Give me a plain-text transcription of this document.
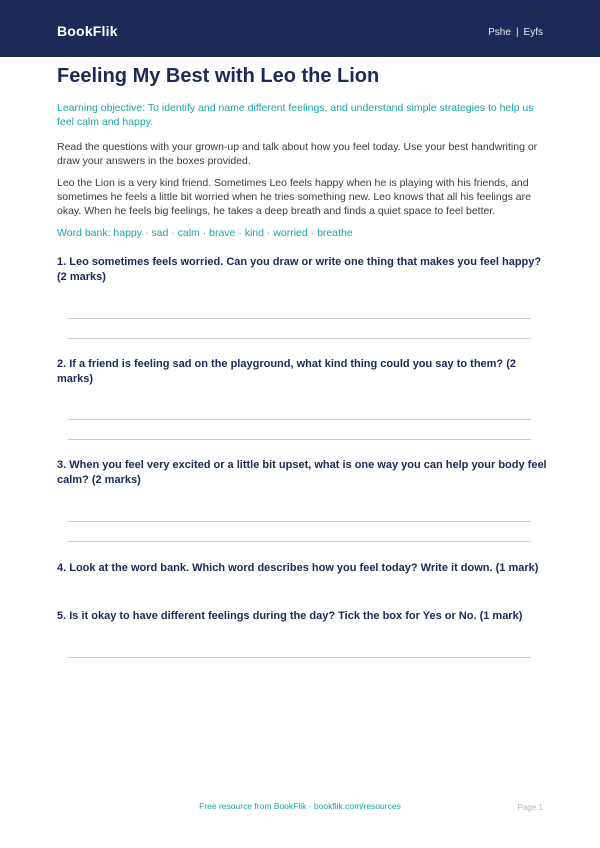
BookFlik	Pshe | Eyfs
Feeling My Best with Leo the Lion

Learning objective: To identify and name different feelings, and understand simple strategies to help us feel calm and happy.

Read the questions with your grown-up and talk about how you feel today. Use your best handwriting or draw your answers in the boxes provided.

Leo the Lion is a very kind friend. Sometimes Leo feels happy when he is playing with his friends, and sometimes he feels a little bit worried when he tries something new. Leo knows that all his feelings are okay. When he feels big feelings, he takes a deep breath and finds a quiet space to feel better.

Word bank: happy · sad · calm · brave · kind · worried · breathe

1. Leo sometimes feels worried. Can you draw or write one thing that makes you feel happy? (2 marks)
2. If a friend is feeling sad on the playground, what kind thing could you say to them? (2 marks)
3. When you feel very excited or a little bit upset, what is one way you can help your body feel calm? (2 marks)
4. Look at the word bank. Which word describes how you feel today? Write it down. (1 mark)
5. Is it okay to have different feelings during the day? Tick the box for Yes or No. (1 mark)
Free resource from BookFlik · bookflik.com/resources	Page 1
